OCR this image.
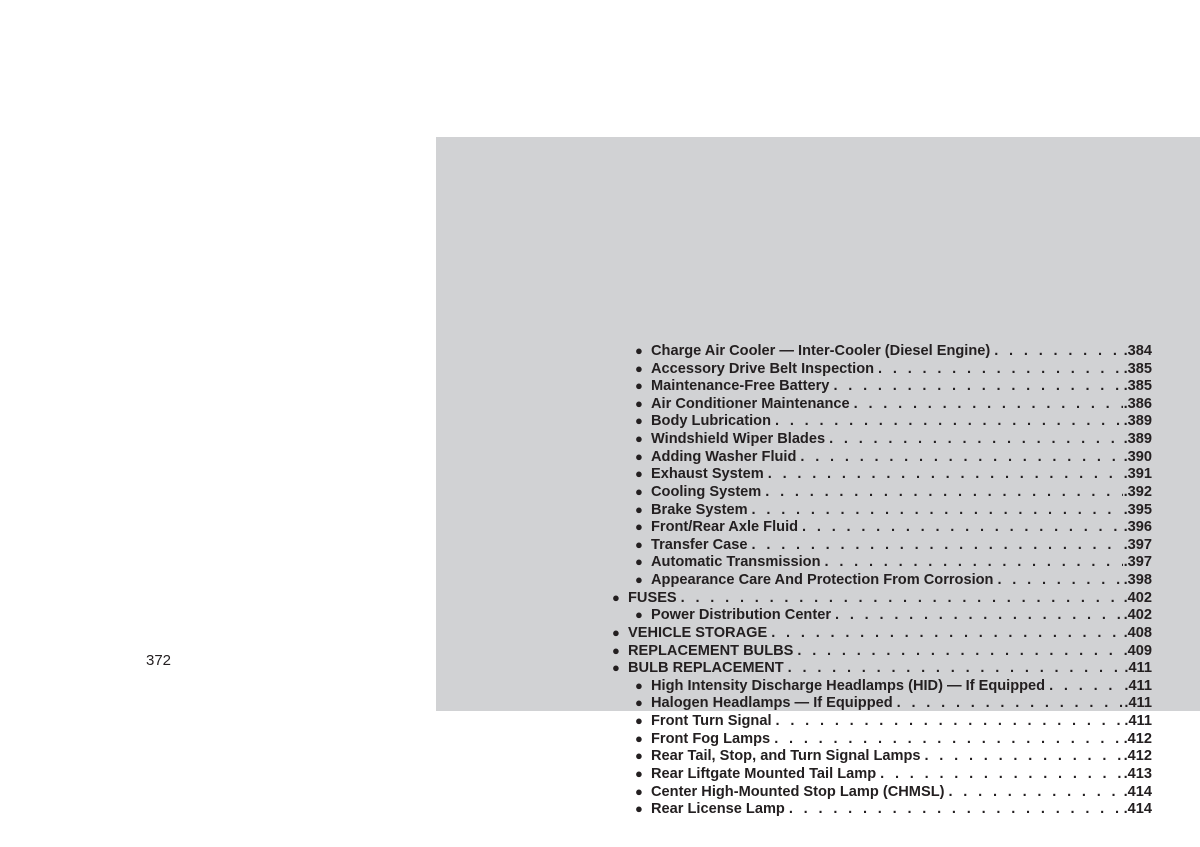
372
● Charge Air Cooler — Inter-Cooler (Diesel Engine) . . .	.384
● Accessory Drive Belt Inspection . . .	.385
● Maintenance-Free Battery . . .	.385
● Air Conditioner Maintenance . . .	.386
● Body Lubrication . . .	.389
● Windshield Wiper Blades . . .	.389
● Adding Washer Fluid . . .	.390
● Exhaust System . . .	.391
● Cooling System . . .	.392
● Brake System . . .	.395
● Front/Rear Axle Fluid . . .	.396
● Transfer Case . . .	.397
● Automatic Transmission . . .	.397
● Appearance Care And Protection From Corrosion . . .	.398
● FUSES . . .	.402
● Power Distribution Center . . .	.402
● VEHICLE STORAGE . . .	.408
● REPLACEMENT BULBS . . .	.409
● BULB REPLACEMENT . . .	.411
● High Intensity Discharge Headlamps (HID) — If Equipped . . .	.411
● Halogen Headlamps — If Equipped . . .	.411
● Front Turn Signal . . .	.411
● Front Fog Lamps . . .	.412
● Rear Tail, Stop, and Turn Signal Lamps . . .	.412
● Rear Liftgate Mounted Tail Lamp . . .	.413
● Center High-Mounted Stop Lamp (CHMSL) . . .	.414
● Rear License Lamp . . .	.414
